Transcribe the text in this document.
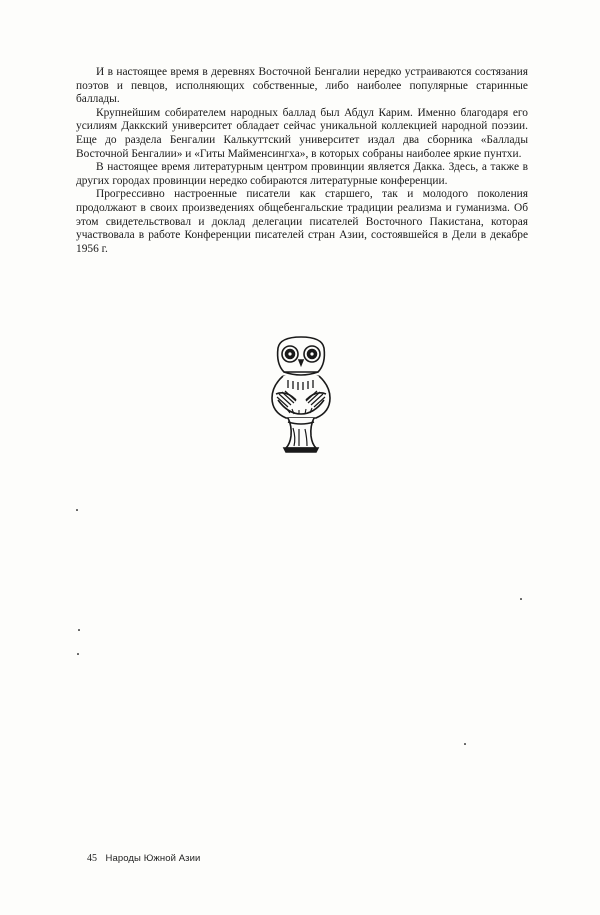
И в настоящее время в деревнях Восточной Бенгалии нередко устраиваются состязания поэтов и певцов, исполняющих собственные, либо наиболее популярные старинные баллады.

Крупнейшим собирателем народных баллад был Абдул Карим. Именно благодаря его усилиям Даккский университет обладает сейчас уникальной коллекцией народной поэзии. Еще до раздела Бенгалии Калькуттский университет издал два сборника «Баллады Восточной Бенгалии» и «Гиты Майменсингха», в которых собраны наиболее яркие пунтхи.

В настоящее время литературным центром провинции является Дакка. Здесь, а также в других городах провинции нередко собираются литературные конференции.

Прогрессивно настроенные писатели как старшего, так и молодого поколения продолжают в своих произведениях общебенгальские традиции реализма и гуманизма. Об этом свидетельствовал и доклад делегации писателей Восточного Пакистана, которая участвовала в работе Конференции писателей стран Азии, состоявшейся в Дели в декабре 1956 г.

45 Народы Южной Азии
